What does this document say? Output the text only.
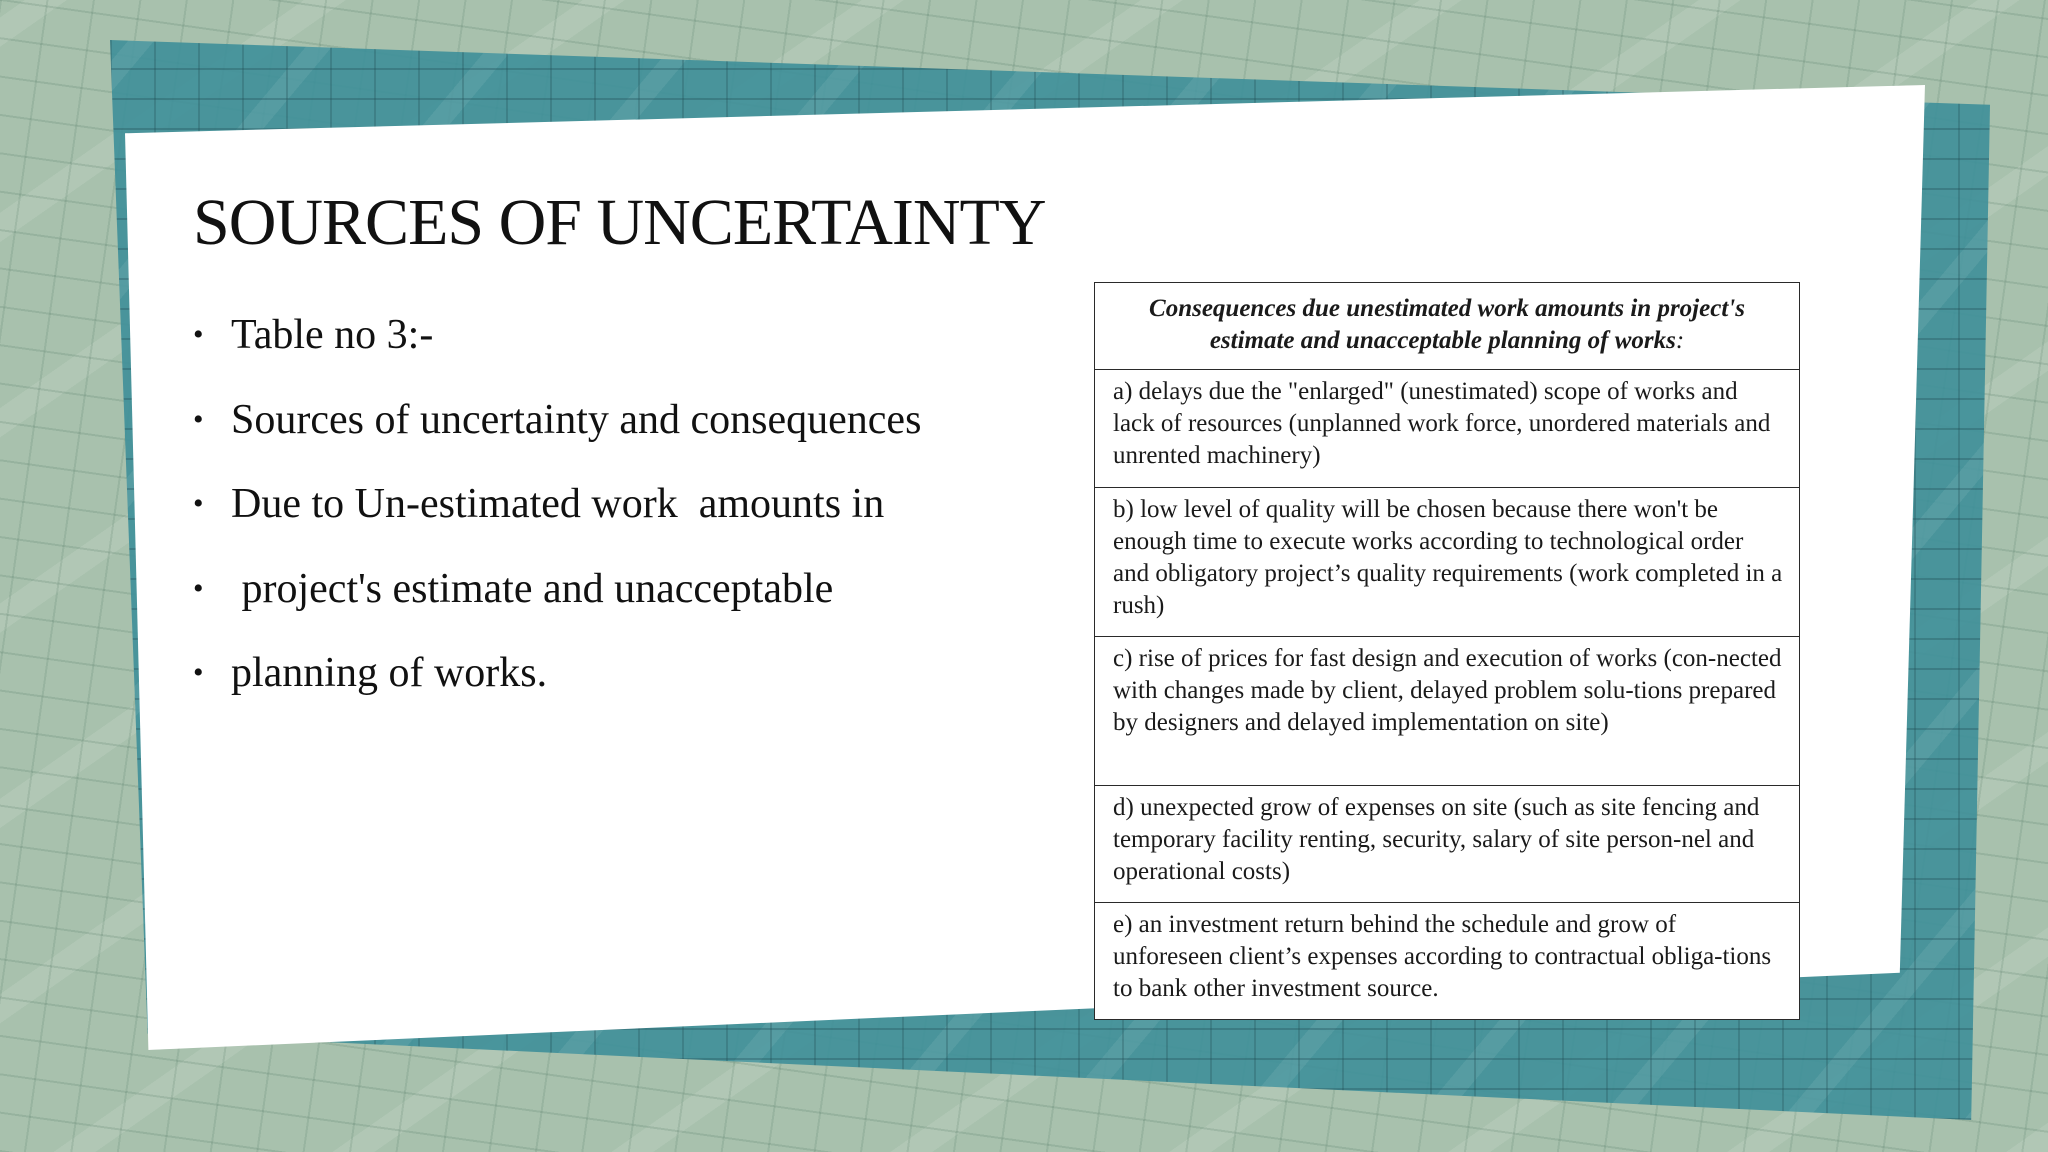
SOURCES OF UNCERTAINTY
• Table no 3:-
• Sources of uncertainty and consequences
• Due to Un-estimated work  amounts in
• project's estimate and unacceptable
• planning of works.
Consequences due unestimated work amounts in project's estimate and unacceptable planning of works:
a) delays due the "enlarged" (unestimated) scope of works and lack of resources (unplanned work force, unordered materials and unrented machinery)
b) low level of quality will be chosen because there won't be enough time to execute works according to technological order and obligatory project’s quality requirements (work completed in a rush)
c) rise of prices for fast design and execution of works (con-nected with changes made by client, delayed problem solu-tions prepared by designers and delayed implementation on site)
d) unexpected grow of expenses on site (such as site fencing and temporary facility renting, security, salary of site person-nel and operational costs)
e) an investment return behind the schedule and grow of unforeseen client’s expenses according to contractual obliga-tions to bank other investment source.
